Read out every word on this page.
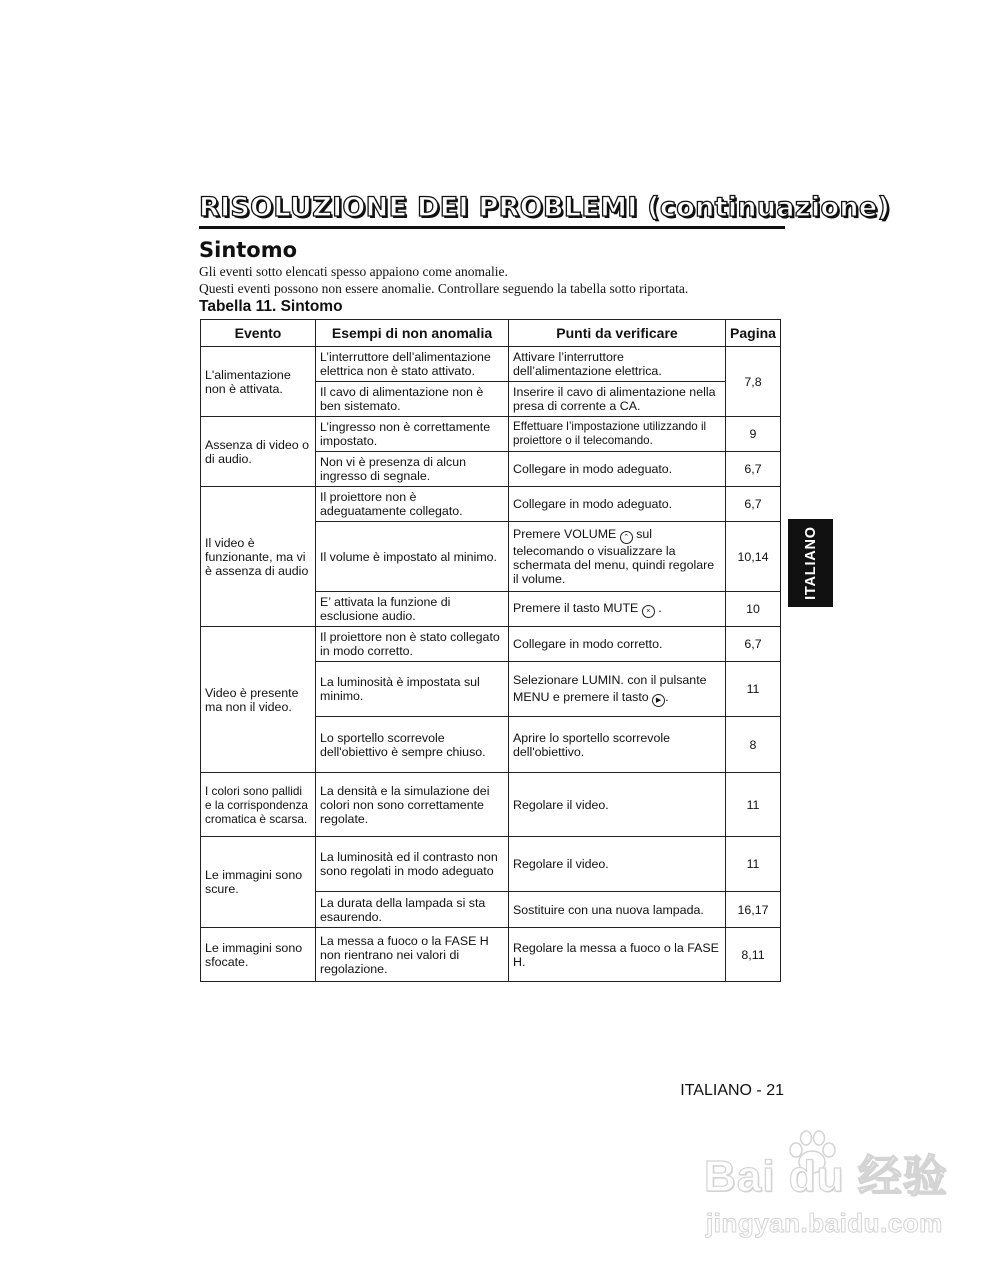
RISOLUZIONE DEI PROBLEMI (continuazione)
Sintomo
Gli eventi sotto elencati spesso appaiono come anomalie.
Questi eventi possono non essere anomalie. Controllare seguendo la tabella sotto riportata.
Tabella 11. Sintomo
Evento	Esempi di non anomalia	Punti da verificare	Pagina
L'alimentazione non è attivata.	L’interruttore dell’alimentazione elettrica non è stato attivato.	Attivare l’interruttore dell’alimentazione elettrica.	7,8
	Il cavo di alimentazione non è ben sistemato.	Inserire il cavo di alimentazione nella presa di corrente a CA.	
Assenza di video o di audio.	L’ingresso non è correttamente impostato.	Effettuare l’impostazione utilizzando il proiettore o il telecomando.	9
	Non vi è presenza di alcun ingresso di segnale.	Collegare in modo adeguato.	6,7
Il video è funzionante, ma vi è assenza di audio	Il proiettore non è adeguatamente collegato.	Collegare in modo adeguato.	6,7
	Il volume è impostato al minimo.	Premere VOLUME ⌃ sul telecomando o visualizzare la schermata del menu, quindi regolare il volume.	10,14
	E’ attivata la funzione di esclusione audio.	Premere il tasto MUTE × .	10
Video è presente ma non il video.	Il proiettore non è stato collegato in modo corretto.	Collegare in modo corretto.	6,7
	La luminosità è impostata sul minimo.	Selezionare LUMIN. con il pulsante MENU e premere il tasto ▶ .	11
	Lo sportello scorrevole dell'obiettivo è sempre chiuso.	Aprire lo sportello scorrevole dell'obiettivo.	8
I colori sono pallidi e la corrispondenza cromatica è scarsa.	La densità e la simulazione dei colori non sono correttamente regolate.	Regolare il video.	11
Le immagini sono scure.	La luminosità ed il contrasto non sono regolati in modo adeguato	Regolare il video.	11
	La durata della lampada si sta esaurendo.	Sostituire con una nuova lampada.	16,17
Le immagini sono sfocate.	La messa a fuoco o la FASE H non rientrano nei valori di regolazione.	Regolare la messa a fuoco o la FASE H.	8,11
ITALIANO
ITALIANO - 21
Bai du 经验
jingyan.baidu.com
